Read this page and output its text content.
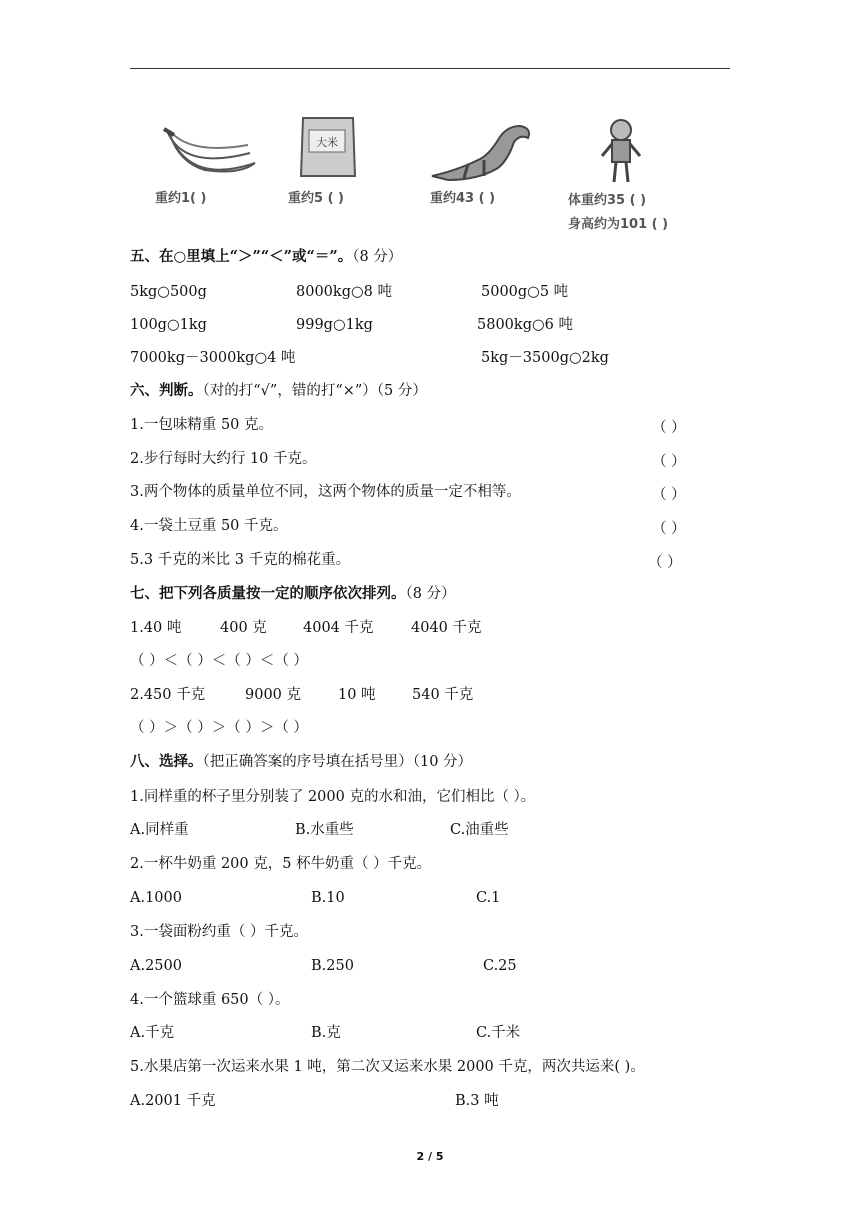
重约1( )
大米
重约5 ( )	重约43 ( )	体重约35 ( )
身高约为101 ( )
五、在○里填上“＞”“＜”或“＝”。（8 分）
5kg○500g	8000kg○8 吨	5000g○5 吨
100g○1kg	999g○1kg	5800kg○6 吨
7000kg－3000kg○4 吨	5kg－3500g○2kg
六、判断。（对的打“√”，错的打“×”）（5 分）
1.一包味精重 50 克。	（ ）
2.步行每时大约行 10 千克。	（ ）
3.两个物体的质量单位不同，这两个物体的质量一定不相等。	（ ）
4.一袋土豆重 50 千克。	（ ）
5.3 千克的米比 3 千克的棉花重。	（ ）
七、把下列各质量按一定的顺序依次排列。（8 分）
1.40 吨	400 克 4004 千克	4040 千克
（ ）＜（ ）＜（ ）＜（ ）
2.450 千克	9000 克	10 吨	540 千克
（ ）＞（ ）＞（ ）＞（ ）
八、选择。（把正确答案的序号填在括号里）（10 分）
1.同样重的杯子里分别装了 2000 克的水和油，它们相比（ ）。
A.同样重	B.水重些	C.油重些
2.一杯牛奶重 200 克，5 杯牛奶重（ ）千克。
A.1000	B.10	C.1
3.一袋面粉约重（ ）千克。
A.2500	B.250	C.25
4.一个篮球重 650（ ）。
A.千克	B.克	C.千米
5.水果店第一次运来水果 1 吨，第二次又运来水果 2000 千克，两次共运来( )。
A.2001 千克	B.3 吨
2 / 5
